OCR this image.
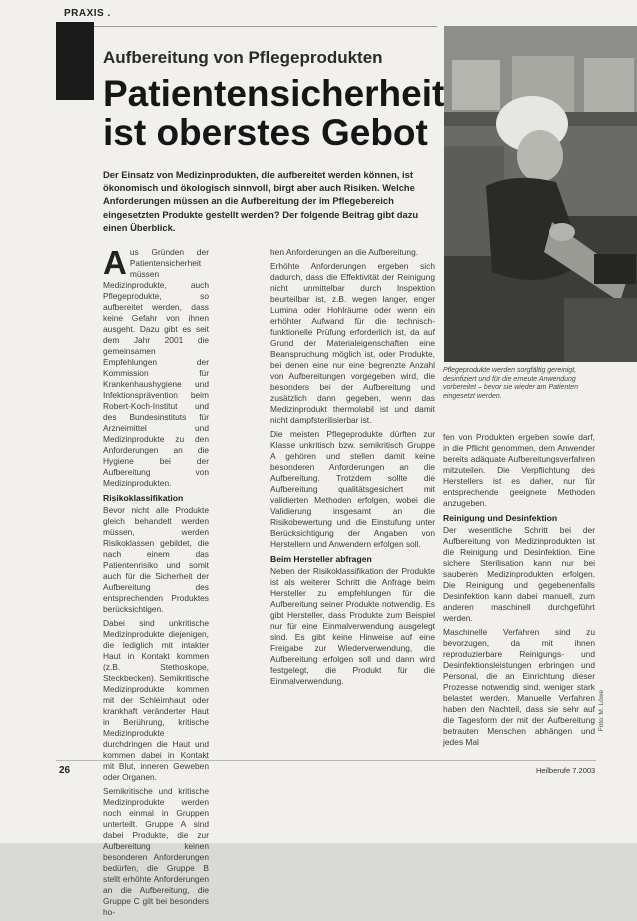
PRAXIS .
Aufbereitung von Pflegeprodukten
Patientensicherheit ist oberstes Gebot
Der Einsatz von Medizinprodukten, die aufbereitet werden können, ist ökonomisch und ökologisch sinnvoll, birgt aber auch Risiken. Welche Anforderungen müssen an die Aufbereitung der im Pflegebereich eingesetzten Produkte gestellt werden? Der folgende Beitrag gibt dazu einen Überblick.
Pflegeprodukte werden sorgfältig gereinigt, desinfiziert und für die erneute Anwendung vorbereitet – bevor sie wieder am Patienten eingesetzt werden.

Aus Gründen der Patientensicherheit müssen Medizinprodukte, auch Pflegeprodukte, so aufbereitet werden, dass keine Gefahr von ihnen ausgeht. Dazu gibt es seit dem Jahr 2001 die gemeinsamen Empfehlungen der Kommission für Krankenhaushygiene und Infektionsprävention beim Robert-Koch-Institut und des Bundesinstituts für Arzneimittel und Medizinprodukte zu den Anforderungen an die Hygiene bei der Aufbereitung von Medizinprodukten.

Risikoklassifikation

Bevor nicht alle Produkte gleich behandelt werden müssen, werden Risikoklassen gebildet, die nach einem das Patientenrisiko und somit auch für die Sicherheit der Aufbereitung des entsprechenden Produktes berücksichtigen.

Dabei sind unkritische Medizinprodukte diejenigen, die lediglich mit intakter Haut in Kontakt kommen (z.B. Stethoskope, Steckbecken). Semikritische Medizinprodukte kommen mit der Schleimhaut oder krankhaft veränderter Haut in Berührung, kritische Medizinprodukte durchdringen die Haut und kommen dabei in Kontakt mit Blut, inneren Geweben oder Organen.

Semikritische und kritische Medizinprodukte werden noch einmal in Gruppen unterteilt. Gruppe A sind dabei Produkte, die zur Aufbereitung keinen besonderen Anforderungen bedürfen, die Gruppe B stellt erhöhte Anforderungen an die Aufbereitung, die Gruppe C gilt bei besonders ho-

hen Anforderungen an die Aufbereitung.

Erhöhte Anforderungen ergeben sich dadurch, dass die Effektivität der Reinigung nicht unmittelbar durch Inspektion beurteilbar ist, z.B. wegen langer, enger Lumina oder Hohlräume oder wenn ein erhöhter Aufwand für die technisch-funktionelle Prüfung erforderlich ist, da auf Grund der Materialeigenschaften eine Beanspruchung möglich ist, oder Produkte, bei denen eine nur eine begrenzte Anzahl von Aufbereitungen vorgegeben wird, die besonders bei der Aufbereitung und zusätzlich dann gegeben, wenn das Medizinprodukt thermolabil ist und damit nicht dampfsterilisierbar ist.

Die meisten Pflegeprodukte dürften zur Klasse unkritisch bzw. semikritisch Gruppe A gehören und stellen damit keine besonderen Anforderungen an die Aufbereitung. Trotzdem sollte die Aufbereitung qualitätsgesichert mit validierten Methoden erfolgen, wobei die Validierung insgesamt an die Risikobewertung und die Einstufung unter Berücksichtigung der Angaben von Herstellern und Anwendern erfolgen soll.

Beim Hersteller abfragen

Neben der Risikoklassifikation der Produkte ist als weiterer Schritt die Anfrage beim Hersteller zu empfehlungen für die Aufbereitung seiner Produkte notwendig. Es gibt Hersteller, dass Produkte zum Beispiel nur für eine Einmalverwendung ausgelegt sind. Es gibt keine Hinweise auf eine Freigabe zur Wiederverwendung, die Aufbereitung erfolgen soll und dann wird festgelegt, die Produkt für die Einmalverwendung.

fen von Produkten ergeben sowie darf, in die Pflicht genommen, dem Anwender bereits adäquate Aufbereitungsverfahren mitzuteilen. Die Verpflichtung des Herstellers ist es daher, nur für entsprechende geeignete Methoden anzugeben.

Reinigung und Desinfektion

Der wesentliche Schritt bei der Aufbereitung von Medizinprodukten ist die Reinigung und Desinfektion. Eine sichere Sterilisation kann nur bei sauberen Medizinprodukten erfolgen. Die Reinigung und gegebenenfalls Desinfektion kann dabei manuell, zum anderen maschinell durchgeführt werden.

Maschinelle Verfahren sind zu bevorzugen, da mit ihnen reproduzierbare Reinigungs- und Desinfektionsleistungen erbringen und Personal, die an Einrichtung dieser Prozesse notwendig sind, weniger stark belastet werden. Manuelle Verfahren haben den Nachteil, dass sie sehr auf die Tagesform der mit der Aufbereitung betrauten Menschen abhängen und jedes Mal

Foto: M. Löwe
26	Heilberufe 7.2003
